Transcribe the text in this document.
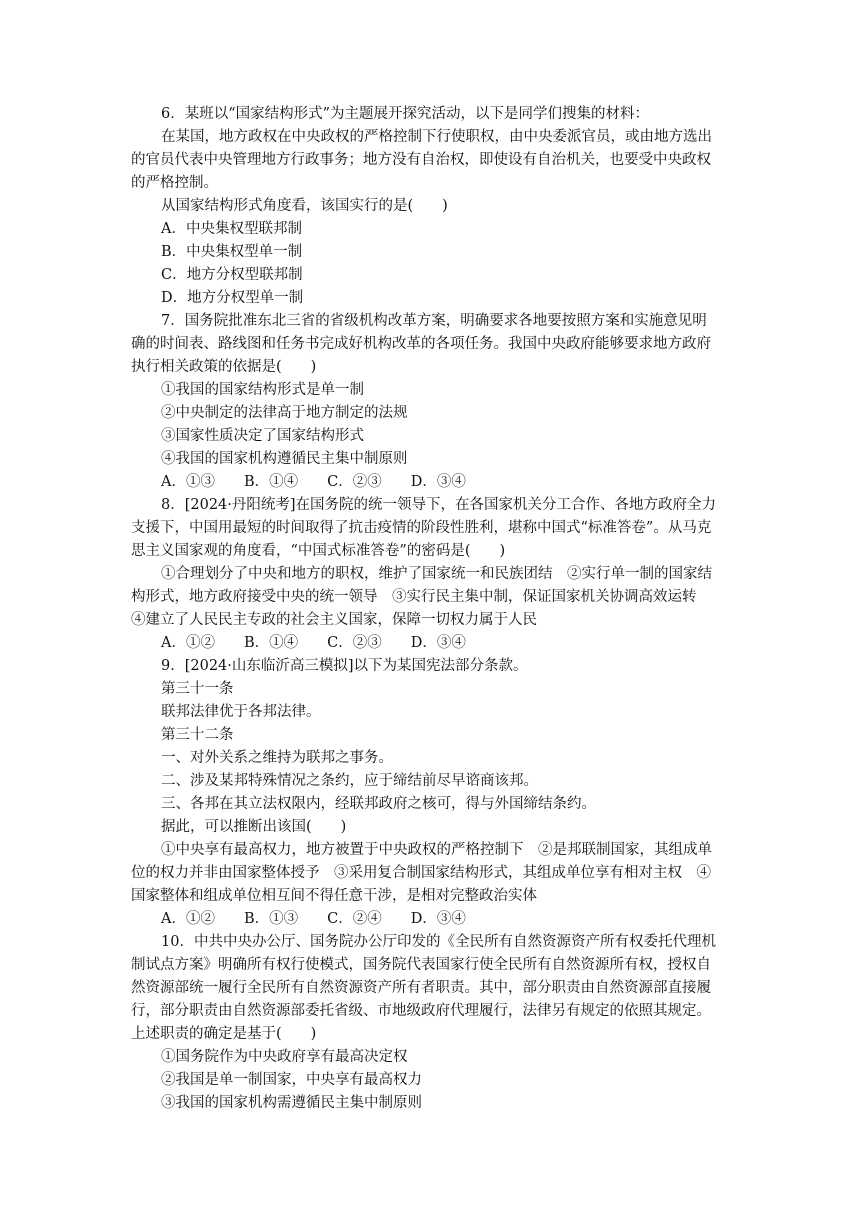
6．某班以“国家结构形式”为主题展开探究活动，以下是同学们搜集的材料：
在某国，地方政权在中央政权的严格控制下行使职权，由中央委派官员，或由地方选出
的官员代表中央管理地方行政事务；地方没有自治权，即使设有自治机关，也要受中央政权
的严格控制。
从国家结构形式角度看，该国实行的是(　　)
A．中央集权型联邦制
B．中央集权型单一制
C．地方分权型联邦制
D．地方分权型单一制
7．国务院批准东北三省的省级机构改革方案，明确要求各地要按照方案和实施意见明
确的时间表、路线图和任务书完成好机构改革的各项任务。我国中央政府能够要求地方政府
执行相关政策的依据是(　　)
①我国的国家结构形式是单一制
②中央制定的法律高于地方制定的法规
③国家性质决定了国家结构形式
④我国的国家机构遵循民主集中制原则
A．①③　　B．①④　　C．②③　　D．③④
8．[2024·丹阳统考]在国务院的统一领导下，在各国家机关分工合作、各地方政府全力
支援下，中国用最短的时间取得了抗击疫情的阶段性胜利，堪称中国式“标准答卷”。从马克
思主义国家观的角度看，“中国式标准答卷”的密码是(　　)
①合理划分了中央和地方的职权，维护了国家统一和民族团结　②实行单一制的国家结
构形式，地方政府接受中央的统一领导　③实行民主集中制，保证国家机关协调高效运转
④建立了人民民主专政的社会主义国家，保障一切权力属于人民
A．①②　　B．①④　　C．②③　　D．③④
9．[2024·山东临沂高三模拟]以下为某国宪法部分条款。
第三十一条
联邦法律优于各邦法律。
第三十二条
一、对外关系之维持为联邦之事务。
二、涉及某邦特殊情况之条约，应于缔结前尽早谘商该邦。
三、各邦在其立法权限内，经联邦政府之核可，得与外国缔结条约。
据此，可以推断出该国(　　)
①中央享有最高权力，地方被置于中央政权的严格控制下　②是邦联制国家，其组成单
位的权力并非由国家整体授予　③采用复合制国家结构形式，其组成单位享有相对主权　④
国家整体和组成单位相互间不得任意干涉，是相对完整政治实体
A．①②　　B．①③　　C．②④　　D．③④
10．中共中央办公厅、国务院办公厅印发的《全民所有自然资源资产所有权委托代理机
制试点方案》明确所有权行使模式，国务院代表国家行使全民所有自然资源所有权，授权自
然资源部统一履行全民所有自然资源资产所有者职责。其中，部分职责由自然资源部直接履
行，部分职责由自然资源部委托省级、市地级政府代理履行，法律另有规定的依照其规定。
上述职责的确定是基于(　　)
①国务院作为中央政府享有最高决定权
②我国是单一制国家，中央享有最高权力
③我国的国家机构需遵循民主集中制原则
